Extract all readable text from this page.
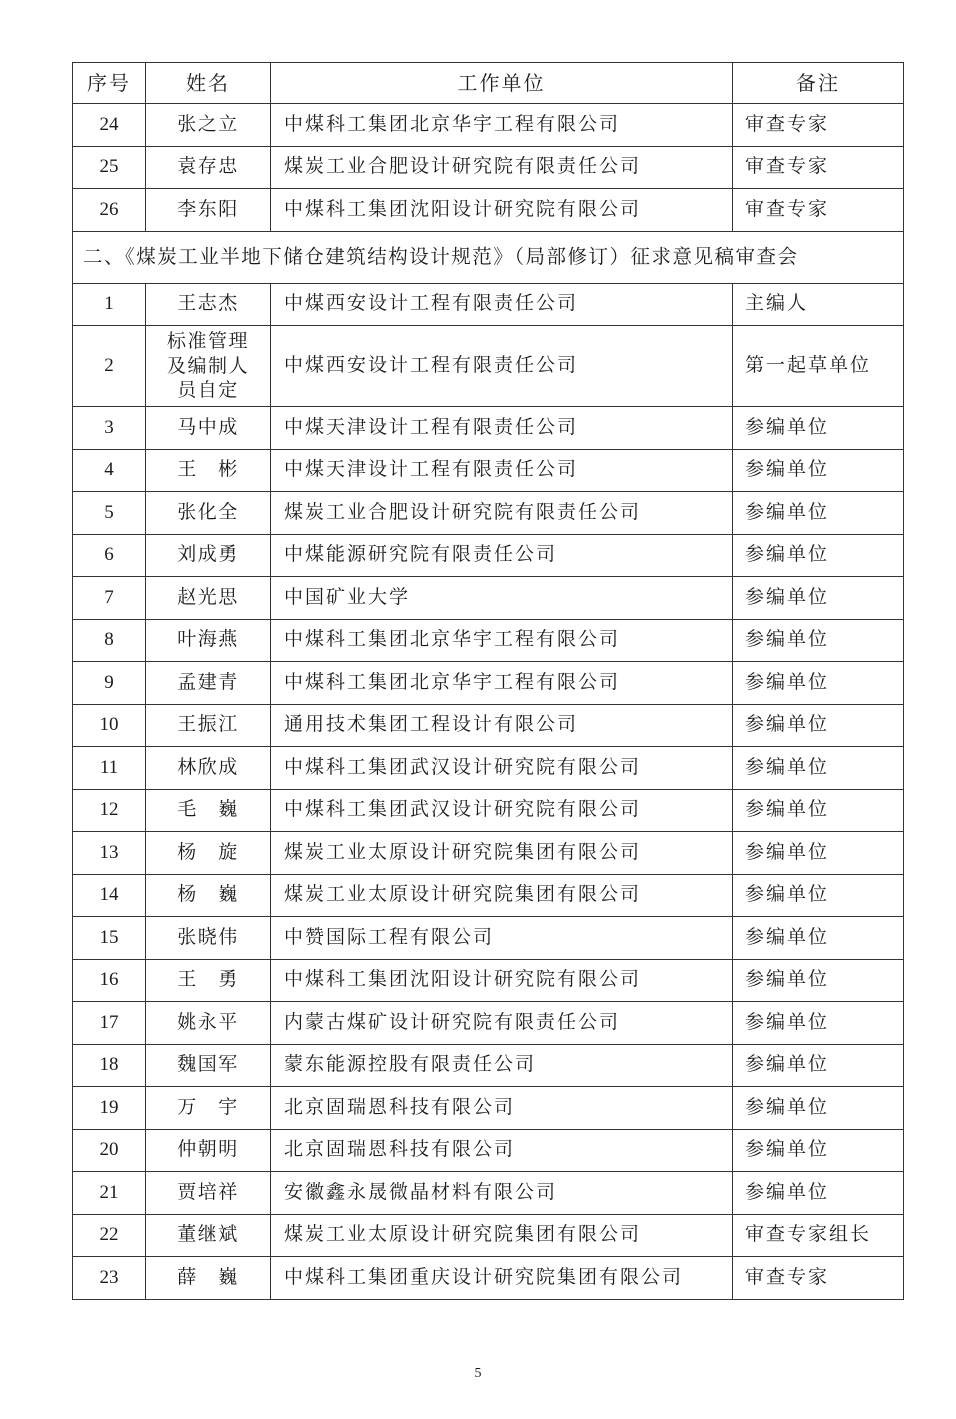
序号	姓名	工作单位	备注
24	张之立	中煤科工集团北京华宇工程有限公司	审查专家
25	袁存忠	煤炭工业合肥设计研究院有限责任公司	审查专家
26	李东阳	中煤科工集团沈阳设计研究院有限公司	审查专家
二、《煤炭工业半地下储仓建筑结构设计规范》（局部修订）征求意见稿审查会			
1	王志杰	中煤西安设计工程有限责任公司	主编人
2	标准管理及编制人员自定	中煤西安设计工程有限责任公司	第一起草单位
3	马中成	中煤天津设计工程有限责任公司	参编单位
4	王　彬	中煤天津设计工程有限责任公司	参编单位
5	张化全	煤炭工业合肥设计研究院有限责任公司	参编单位
6	刘成勇	中煤能源研究院有限责任公司	参编单位
7	赵光思	中国矿业大学	参编单位
8	叶海燕	中煤科工集团北京华宇工程有限公司	参编单位
9	孟建青	中煤科工集团北京华宇工程有限公司	参编单位
10	王振江	通用技术集团工程设计有限公司	参编单位
11	林欣成	中煤科工集团武汉设计研究院有限公司	参编单位
12	毛　巍	中煤科工集团武汉设计研究院有限公司	参编单位
13	杨　旋	煤炭工业太原设计研究院集团有限公司	参编单位
14	杨　巍	煤炭工业太原设计研究院集团有限公司	参编单位
15	张晓伟	中赞国际工程有限公司	参编单位
16	王　勇	中煤科工集团沈阳设计研究院有限公司	参编单位
17	姚永平	内蒙古煤矿设计研究院有限责任公司	参编单位
18	魏国军	蒙东能源控股有限责任公司	参编单位
19	万　宇	北京固瑞恩科技有限公司	参编单位
20	仲朝明	北京固瑞恩科技有限公司	参编单位
21	贾培祥	安徽鑫永晟微晶材料有限公司	参编单位
22	董继斌	煤炭工业太原设计研究院集团有限公司	审查专家组长
23	薛　巍	中煤科工集团重庆设计研究院集团有限公司	审查专家
5
